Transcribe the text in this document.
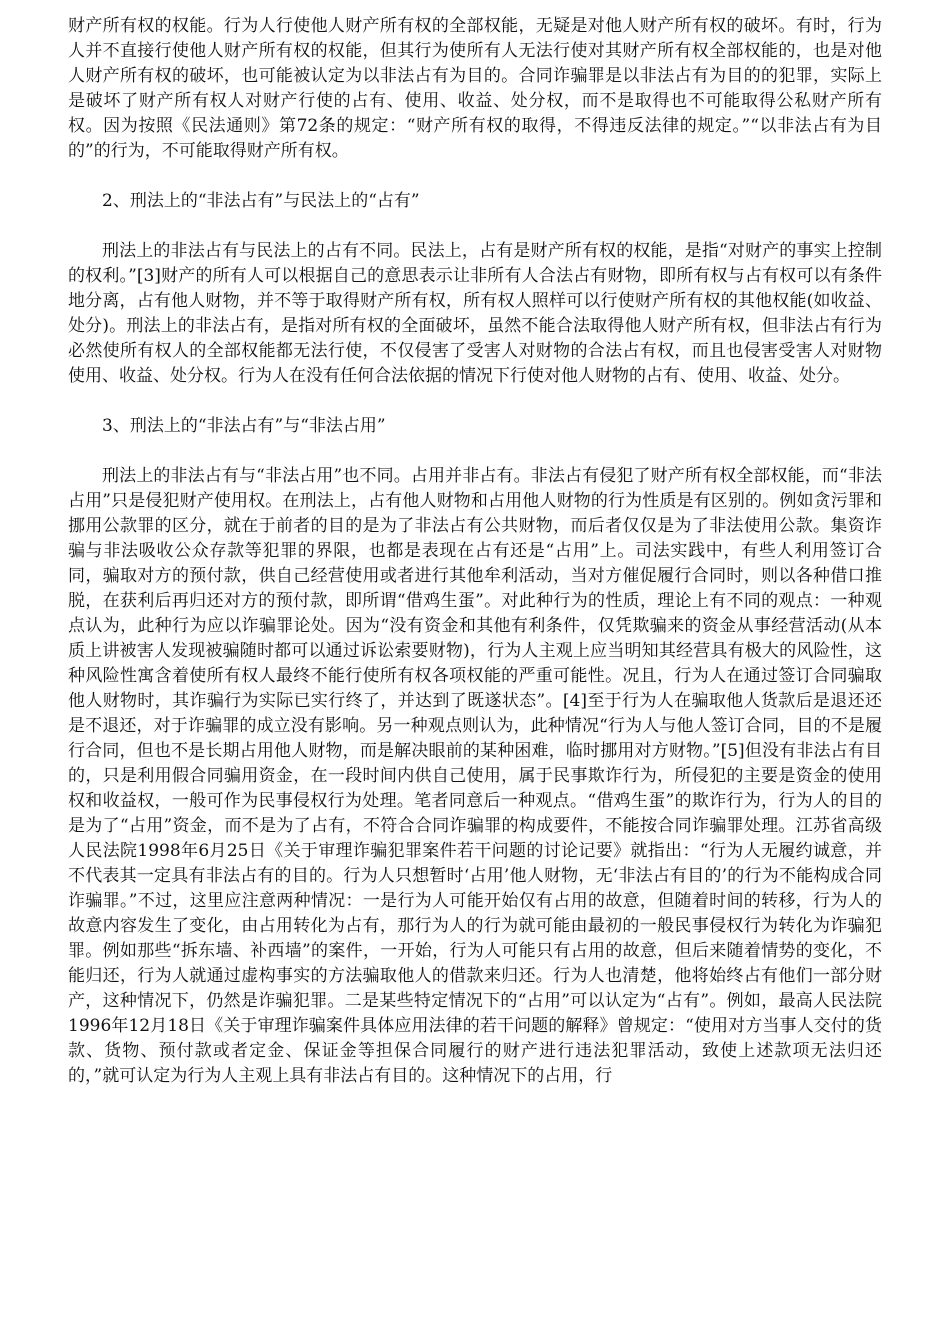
财产所有权的权能。行为人行使他人财产所有权的全部权能，无疑是对他人财产所有权的破坏。有时，行为人并不直接行使他人财产所有权的权能，但其行为使所有人无法行使对其财产所有权全部权能的，也是对他人财产所有权的破坏，也可能被认定为以非法占有为目的。合同诈骗罪是以非法占有为目的的犯罪，实际上是破坏了财产所有权人对财产行使的占有、使用、收益、处分权，而不是取得也不可能取得公私财产所有权。因为按照《民法通则》第72条的规定：“财产所有权的取得，不得违反法律的规定。”“以非法占有为目的”的行为，不可能取得财产所有权。

2、刑法上的“非法占有”与民法上的“占有”

刑法上的非法占有与民法上的占有不同。民法上，占有是财产所有权的权能，是指“对财产的事实上控制的权利。”[3]财产的所有人可以根据自己的意思表示让非所有人合法占有财物，即所有权与占有权可以有条件地分离，占有他人财物，并不等于取得财产所有权，所有权人照样可以行使财产所有权的其他权能(如收益、处分)。刑法上的非法占有，是指对所有权的全面破坏，虽然不能合法取得他人财产所有权，但非法占有行为必然使所有权人的全部权能都无法行使，不仅侵害了受害人对财物的合法占有权，而且也侵害受害人对财物使用、收益、处分权。行为人在没有任何合法依据的情况下行使对他人财物的占有、使用、收益、处分。

3、刑法上的“非法占有”与“非法占用”

刑法上的非法占有与“非法占用”也不同。占用并非占有。非法占有侵犯了财产所有权全部权能，而“非法占用”只是侵犯财产使用权。在刑法上，占有他人财物和占用他人财物的行为性质是有区别的。例如贪污罪和挪用公款罪的区分，就在于前者的目的是为了非法占有公共财物，而后者仅仅是为了非法使用公款。集资诈骗与非法吸收公众存款等犯罪的界限，也都是表现在占有还是“占用”上。司法实践中，有些人利用签订合同，骗取对方的预付款，供自己经营使用或者进行其他牟利活动，当对方催促履行合同时，则以各种借口推脱，在获利后再归还对方的预付款，即所谓“借鸡生蛋”。对此种行为的性质，理论上有不同的观点：一种观点认为，此种行为应以诈骗罪论处。因为“没有资金和其他有利条件，仅凭欺骗来的资金从事经营活动(从本质上讲被害人发现被骗随时都可以通过诉讼索要财物)，行为人主观上应当明知其经营具有极大的风险性，这种风险性寓含着使所有权人最终不能行使所有权各项权能的严重可能性。况且，行为人在通过签订合同骗取他人财物时，其诈骗行为实际已实行终了，并达到了既遂状态”。[4]至于行为人在骗取他人货款后是退还还是不退还，对于诈骗罪的成立没有影响。另一种观点则认为，此种情况“行为人与他人签订合同，目的不是履行合同，但也不是长期占用他人财物，而是解决眼前的某种困难，临时挪用对方财物。”[5]但没有非法占有目的，只是利用假合同骗用资金，在一段时间内供自己使用，属于民事欺诈行为，所侵犯的主要是资金的使用权和收益权，一般可作为民事侵权行为处理。笔者同意后一种观点。“借鸡生蛋”的欺诈行为，行为人的目的是为了“占用”资金，而不是为了占有，不符合合同诈骗罪的构成要件，不能按合同诈骗罪处理。江苏省高级人民法院1998年6月25日《关于审理诈骗犯罪案件若干问题的讨论记要》就指出：“行为人无履约诚意，并不代表其一定具有非法占有的目的。行为人只想暂时‘占用’他人财物，无‘非法占有目的’的行为不能构成合同诈骗罪。”不过，这里应注意两种情况：一是行为人可能开始仅有占用的故意，但随着时间的转移，行为人的故意内容发生了变化，由占用转化为占有，那行为人的行为就可能由最初的一般民事侵权行为转化为诈骗犯罪。例如那些“拆东墙、补西墙”的案件，一开始，行为人可能只有占用的故意，但后来随着情势的变化，不能归还，行为人就通过虚构事实的方法骗取他人的借款来归还。行为人也清楚，他将始终占有他们一部分财产，这种情况下，仍然是诈骗犯罪。二是某些特定情况下的“占用”可以认定为“占有”。例如，最高人民法院1996年12月18日《关于审理诈骗案件具体应用法律的若干问题的解释》曾规定：“使用对方当事人交付的货款、货物、预付款或者定金、保证金等担保合同履行的财产进行违法犯罪活动，致使上述款项无法归还的，”就可认定为行为人主观上具有非法占有目的。这种情况下的占用，行
